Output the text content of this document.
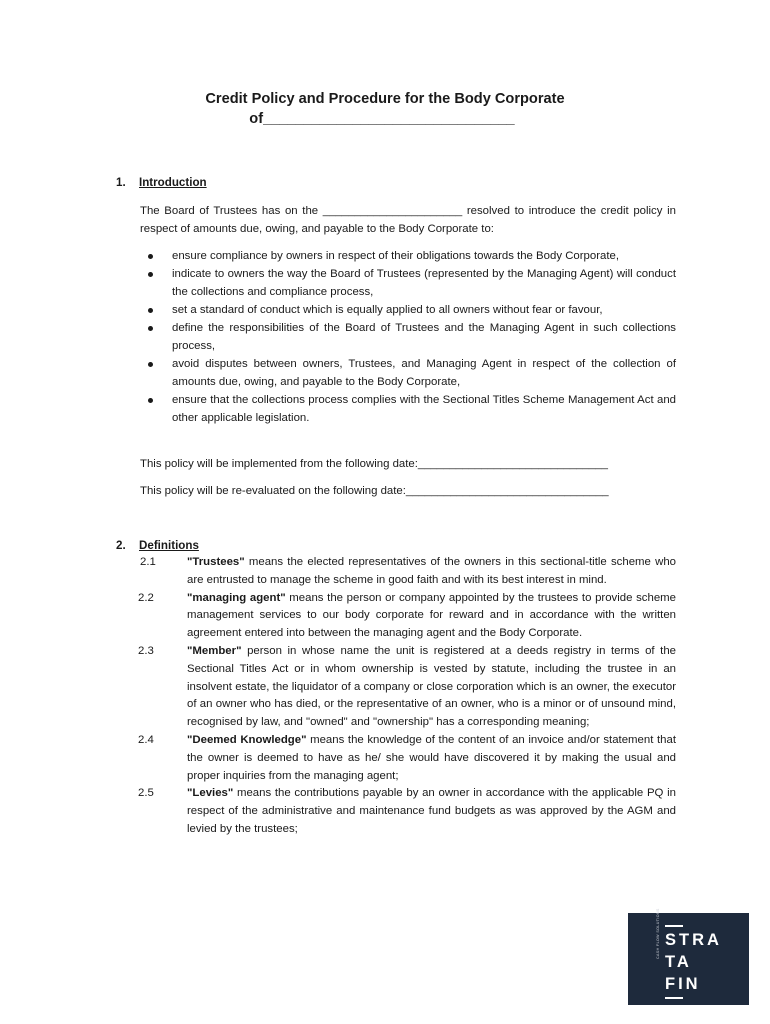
Credit Policy and Procedure for the Body Corporate
of_______________________________
1. Introduction
The Board of Trustees has on the ______________________ resolved to introduce the credit policy in respect of amounts due, owing, and payable to the Body Corporate to:
ensure compliance by owners in respect of their obligations towards the Body Corporate,
indicate to owners the way the Board of Trustees (represented by the Managing Agent) will conduct the collections and compliance process,
set a standard of conduct which is equally applied to all owners without fear or favour,
define the responsibilities of the Board of Trustees and the Managing Agent in such collections process,
avoid disputes between owners, Trustees, and Managing Agent in respect of the collection of amounts due, owing, and payable to the Body Corporate,
ensure that the collections process complies with the Sectional Titles Scheme Management Act and other applicable legislation.
This policy will be implemented from the following date:______________________________
This policy will be re-evaluated on the following date:________________________________
2. Definitions
2.1	"Trustees" means the elected representatives of the owners in this sectional-title scheme who are entrusted to manage the scheme in good faith and with its best interest in mind.
2.2	"managing agent" means the person or company appointed by the trustees to provide scheme management services to our body corporate for reward and in accordance with the written agreement entered into between the managing agent and the Body Corporate.
2.3	"Member" person in whose name the unit is registered at a deeds registry in terms of the Sectional Titles Act or in whom ownership is vested by statute, including the trustee in an insolvent estate, the liquidator of a company or close corporation which is an owner, the executor of an owner who has died, or the representative of an owner, who is a minor or of unsound mind, recognised by law, and "owned" and "ownership" has a corresponding meaning;
2.4	"Deemed Knowledge" means the knowledge of the content of an invoice and/or statement that the owner is deemed to have as he/ she would have discovered it by making the usual and proper inquiries from the managing agent;
2.5	"Levies" means the contributions payable by an owner in accordance with the applicable PQ in respect of the administrative and maintenance fund budgets as was approved by the AGM and levied by the trustees;
STRA
TA
FIN
CASH FLOW SOLUTIONS
